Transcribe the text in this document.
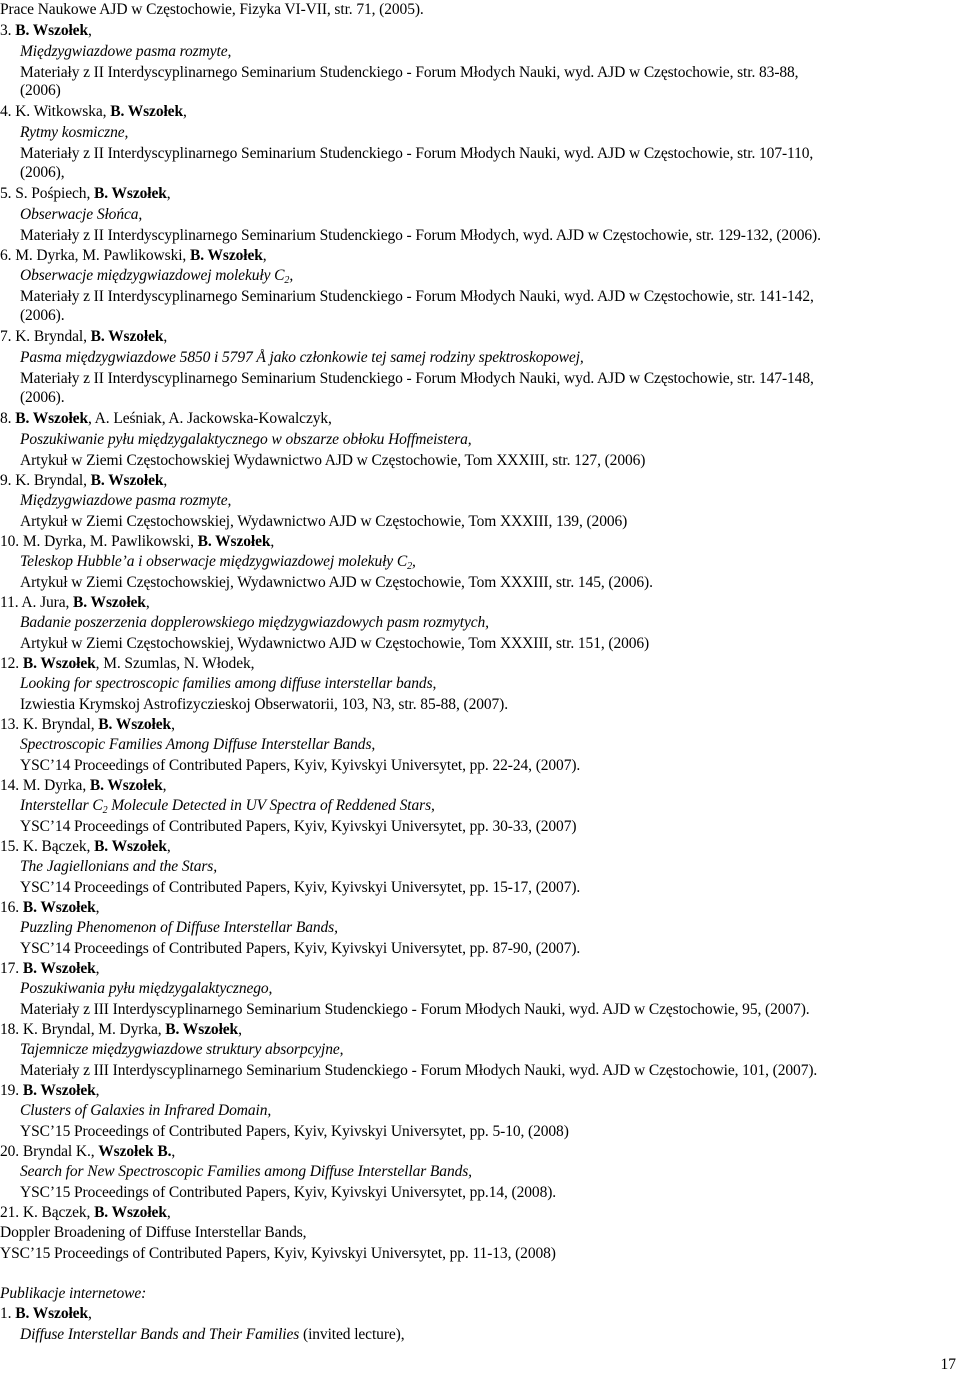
Prace Naukowe AJD w Częstochowie, Fizyka VI-VII, str. 71, (2005).
3. B. Wszołek,
Międzygwiazdowe pasma rozmyte,
Materiały z II Interdyscyplinarnego Seminarium Studenckiego - Forum Młodych Nauki, wyd. AJD w Częstochowie, str. 83-88,
(2006)
4. K. Witkowska, B. Wszołek,
Rytmy kosmiczne,
Materiały z II Interdyscyplinarnego Seminarium Studenckiego - Forum Młodych Nauki, wyd. AJD w Częstochowie, str. 107-110,
(2006),
5. S. Pośpiech, B. Wszołek,
Obserwacje Słońca,
Materiały z II Interdyscyplinarnego Seminarium Studenckiego - Forum Młodych, wyd. AJD w Częstochowie, str. 129-132, (2006).
6. M. Dyrka, M. Pawlikowski, B. Wszołek,
Obserwacje międzygwiazdowej molekuły $C_2$,
Materiały z II Interdyscyplinarnego Seminarium Studenckiego - Forum Młodych Nauki, wyd. AJD w Częstochowie, str. 141-142,
(2006).
7. K. Bryndal, B. Wszołek,
Pasma międzygwiazdowe 5850 i 5797 Å jako członkowie tej samej rodziny spektroskopowej,
Materiały z II Interdyscyplinarnego Seminarium Studenckiego - Forum Młodych Nauki, wyd. AJD w Częstochowie, str. 147-148,
(2006).
8. B. Wszołek, A. Leśniak, A. Jackowska-Kowalczyk,
Poszukiwanie pyłu międzygalaktycznego w obszarze obłoku Hoffmeistera,
Artykuł w Ziemi Częstochowskiej Wydawnictwo AJD w Częstochowie, Tom XXXIII, str. 127, (2006)
9. K. Bryndal, B. Wszołek,
Międzygwiazdowe pasma rozmyte,
Artykuł w Ziemi Częstochowskiej, Wydawnictwo AJD w Częstochowie, Tom XXXIII, 139, (2006)
10. M. Dyrka, M. Pawlikowski, B. Wszołek,
Teleskop Hubble’a i obserwacje międzygwiazdowej molekuły $C_2$,
Artykuł w Ziemi Częstochowskiej, Wydawnictwo AJD w Częstochowie, Tom XXXIII, str. 145, (2006).
11. A. Jura, B. Wszołek,
Badanie poszerzenia dopplerowskiego międzygwiazdowych pasm rozmytych,
Artykuł w Ziemi Częstochowskiej, Wydawnictwo AJD w Częstochowie, Tom XXXIII, str. 151, (2006)
12. B. Wszołek, M. Szumlas, N. Włodek,
Looking for spectroscopic families among diffuse interstellar bands,
Izwiestia Krymskoj Astrofizyczieskoj Obserwatorii, 103, N3, str. 85-88, (2007).
13. K. Bryndal, B. Wszołek,
Spectroscopic Families Among Diffuse Interstellar Bands,
YSC’14 Proceedings of Contributed Papers, Kyiv, Kyivskyi Universytet, pp. 22-24, (2007).
14. M. Dyrka, B. Wszołek,
Interstellar $C_2$ Molecule Detected in UV Spectra of Reddened Stars,
YSC’14 Proceedings of Contributed Papers, Kyiv, Kyivskyi Universytet, pp. 30-33, (2007)
15. K. Bączek, B. Wszołek,
The Jagiellonians and the Stars,
YSC’14 Proceedings of Contributed Papers, Kyiv, Kyivskyi Universytet, pp. 15-17, (2007).
16. B. Wszołek,
Puzzling Phenomenon of Diffuse Interstellar Bands,
YSC’14 Proceedings of Contributed Papers, Kyiv, Kyivskyi Universytet, pp. 87-90, (2007).
17. B. Wszołek,
Poszukiwania pyłu międzygalaktycznego,
Materiały z III Interdyscyplinarnego Seminarium Studenckiego - Forum Młodych Nauki, wyd. AJD w Częstochowie, 95, (2007).
18. K. Bryndal, M. Dyrka, B. Wszołek,
Tajemnicze międzygwiazdowe struktury absorpcyjne,
Materiały z III Interdyscyplinarnego Seminarium Studenckiego - Forum Młodych Nauki, wyd. AJD w Częstochowie, 101, (2007).
19. B. Wszołek,
Clusters of Galaxies in Infrared Domain,
YSC’15 Proceedings of Contributed Papers, Kyiv, Kyivskyi Universytet, pp. 5-10, (2008)
20. Bryndal K., Wszołek B.,
Search for New Spectroscopic Families among Diffuse Interstellar Bands,
YSC’15 Proceedings of Contributed Papers, Kyiv, Kyivskyi Universytet, pp.14, (2008).
21. K. Bączek, B. Wszołek,
Doppler Broadening of Diffuse Interstellar Bands,
YSC’15 Proceedings of Contributed Papers, Kyiv, Kyivskyi Universytet, pp. 11-13, (2008)
Publikacje internetowe:
1. B. Wszołek,
Diffuse Interstellar Bands and Their Families (invited lecture),
17
